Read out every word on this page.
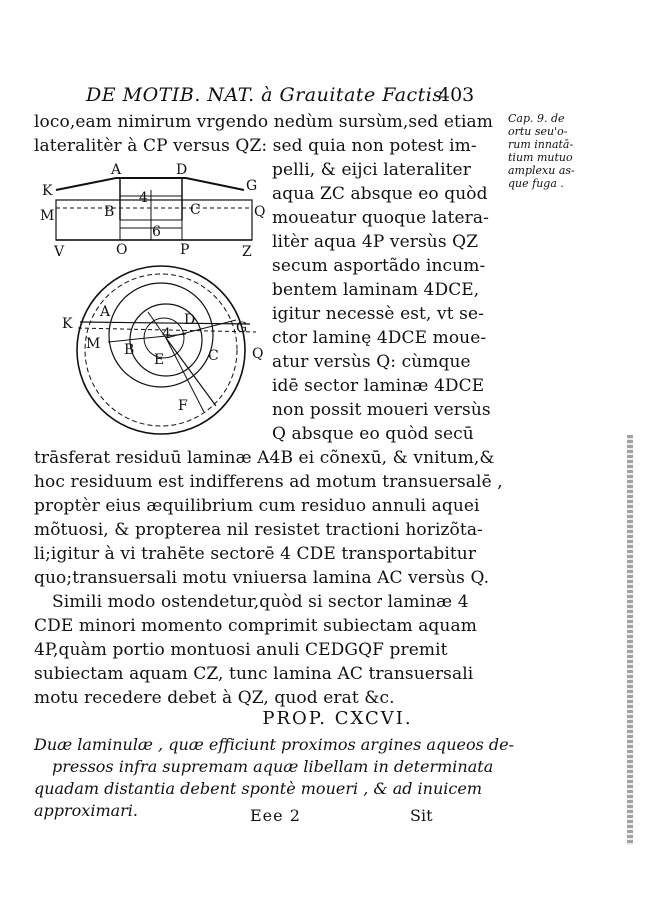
DE MOTIB. NAT. à Grauitate Factis
403
Cap. 9. de
ortu seu'o-
rum innatā-
tium mutuo
amplexu as-
que fuga .
K
A	D
G
M	B
4
C	Q
6
V	O	P	Z
K
A	D	G
M B
4
E	C Q
F
loco,eam nimirum vrgendo nedùm sursùm,sed etiam
lateralitèr à CP versus QZ: sed quia non potest im-
pelli, & eijci lateraliter
aqua ZC absque eo quòd
moueatur quoque latera-
litèr aqua 4P versùs QZ
secum asportãdo incum-
bentem laminam 4DCE,
igitur necessè est, vt se-
ctor laminę 4DCE moue-
atur versùs Q: cùmque
idē sector laminæ 4DCE
non possit moueri versùs
Q absque eo quòd secū
trāsferat residuū laminæ A4B ei cõnexū, & vnitum,&
hoc residuum est indifferens ad motum transuersalē ,
proptèr eius æquilibrium cum residuo annuli aquei
mõtuosi, & propterea nil resistet tractioni horizõta-
li;igitur à vi trahēte sectorē 4 CDE transportabitur
quo;transuersali motu vniuersa lamina AC versùs Q.
Simili modo ostendetur,quòd si sector laminæ 4
CDE minori momento comprimit subiectam aquam
4P,quàm portio montuosi anuli CEDGQF premit
subiectam aquam CZ, tunc lamina AC transuersali
motu recedere debet à QZ, quod erat &c.
PROP. CXCVI.
Duæ laminulæ , quæ efficiunt proximos argines aqueos de-
pressos infra supremam aquæ libellam in determinata
quadam distantia debent spontè moueri , & ad inuicem
approximari.	Eee 2	Sit
